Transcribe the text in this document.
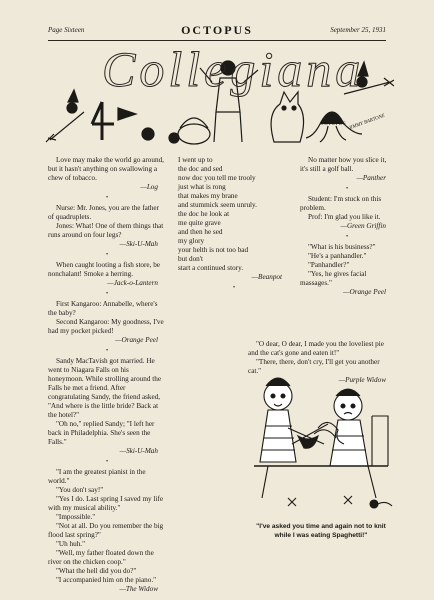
Page Sixteen	OCTOPUS	September 25, 1931
Collegiana
OCTOPUS JIMMY BARTONE

Love may make the world go around, but it hasn't anything on swallowing a chew of tobacco.

—Log

•

Nurse: Mr. Jones, you are the father of quadruplets.

Jones: What! One of them things that runs around on four legs?

—Ski-U-Mah

•

When caught looting a fish store, be nonchalant! Smoke a herring.

—Jack-o-Lantern

•

First Kangaroo: Annabelle, where's the baby?

Second Kangaroo: My goodness, I've had my pocket picked!

—Orange Peel

•

Sandy MacTavish got married. He went to Niagara Falls on his honeymoon. While strolling around the Falls he met a friend. After congratulating Sandy, the friend asked, "And where is the little bride? Back at the hotel?"

"Oh no," replied Sandy; "I left her back in Philadelphia. She's seen the Falls."

—Ski-U-Mah

•

"I am the greatest pianist in the world."

"You don't say!"

"Yes I do. Last spring I saved my life with my musical ability."

"Impossible."

"Not at all. Do you remember the big flood last spring?"

"Uh huh."

"Well, my father floated down the river on the chicken coop."

"What the hell did you do?"

"I accompanied him on the piano."

—The Widow

I went up to

the doc and sed

now doc you tell me trooly

just what is rong

that makes my brane

and stummick seem unruly.

the doc he look at

me quite grave

and then he sed

my glory

your helth is not too bad

but don't

start a continued story.

—Beanpot

•

No matter how you slice it, it's still a golf ball.

—Panther

•

Student: I'm stuck on this problem.

Prof: I'm glad you like it.

—Green Griffin

•

"What is his business?"

"He's a panhandler."

"Panhandler?"

"Yes, he gives facial massages."

—Orange Peel

"O dear, O dear, I made you the loveliest pie and the cat's gone and eaten it!"

"There, there, don't cry, I'll get you another cat."

—Purple Widow

"I've asked you time and again not to knit while I was eating Spaghetti!"
